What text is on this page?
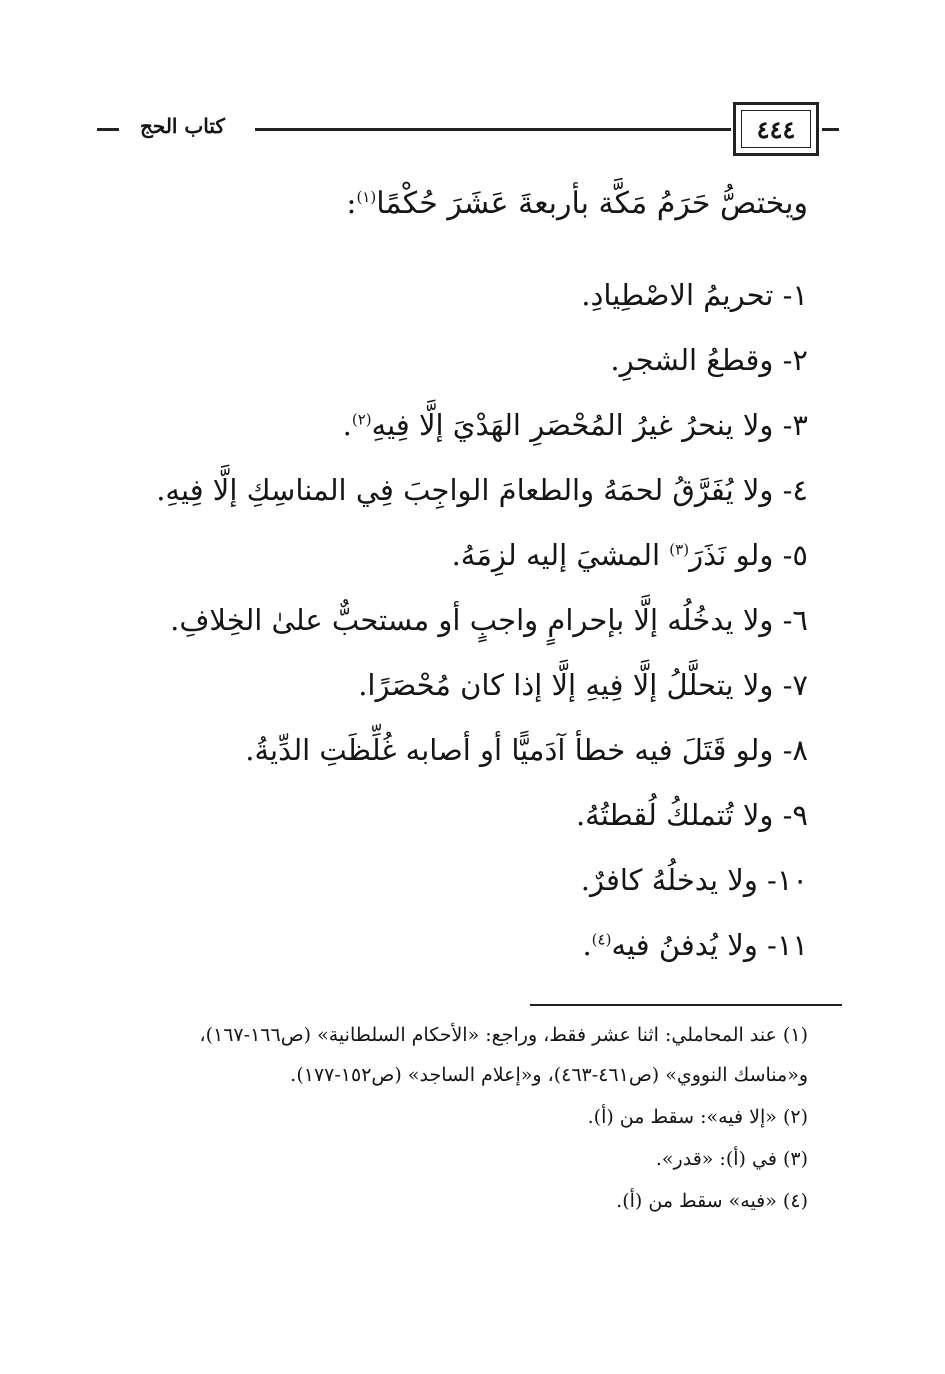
٤٤٤
كتاب الحج
ويختصُّ حَرَمُ مَكَّة بأربعةَ عَشَرَ حُكْمًا$^{(١)}$:
١- تحريمُ الاصْطِيادِ.
٢- وقطعُ الشجرِ.
٣- ولا ينحرُ غيرُ المُحْصَرِ الهَدْيَ إلَّا فِيهِ$^{(٢)}$.
٤- ولا يُفَرَّقُ لحمَهُ والطعامَ الواجِبَ فِي المناسِكِ إلَّا فِيهِ.
٥- ولو نَذَرَ$^{(٣)}$ المشيَ إليه لزِمَهُ.
٦- ولا يدخُلُه إلَّا بإحرامٍ واجبٍ أو مستحبٌّ علىٰ الخِلافِ.
٧- ولا يتحلَّلُ إلَّا فِيهِ إلَّا إذا كان مُحْصَرًا.
٨- ولو قَتَلَ فيه خطأ آدَميًّا أو أصابه غُلِّظَتِ الدِّيةُ.
٩- ولا تُتملكُ لُقطتُهُ.
١٠- ولا يدخلُهُ كافرٌ.
١١- ولا يُدفنُ فيه$^{(٤)}$.
(١) عند المحاملي: اثنا عشر فقط، وراجع: «الأحكام السلطانية» (ص١٦٦-١٦٧)،
و«مناسك النووي» (ص٤٦١-٤٦٣)، و«إعلام الساجد» (ص١٥٢-١٧٧).
(٢) «إلا فيه»: سقط من (أ).
(٣) في (أ): «قدر».
(٤) «فيه» سقط من (أ).
